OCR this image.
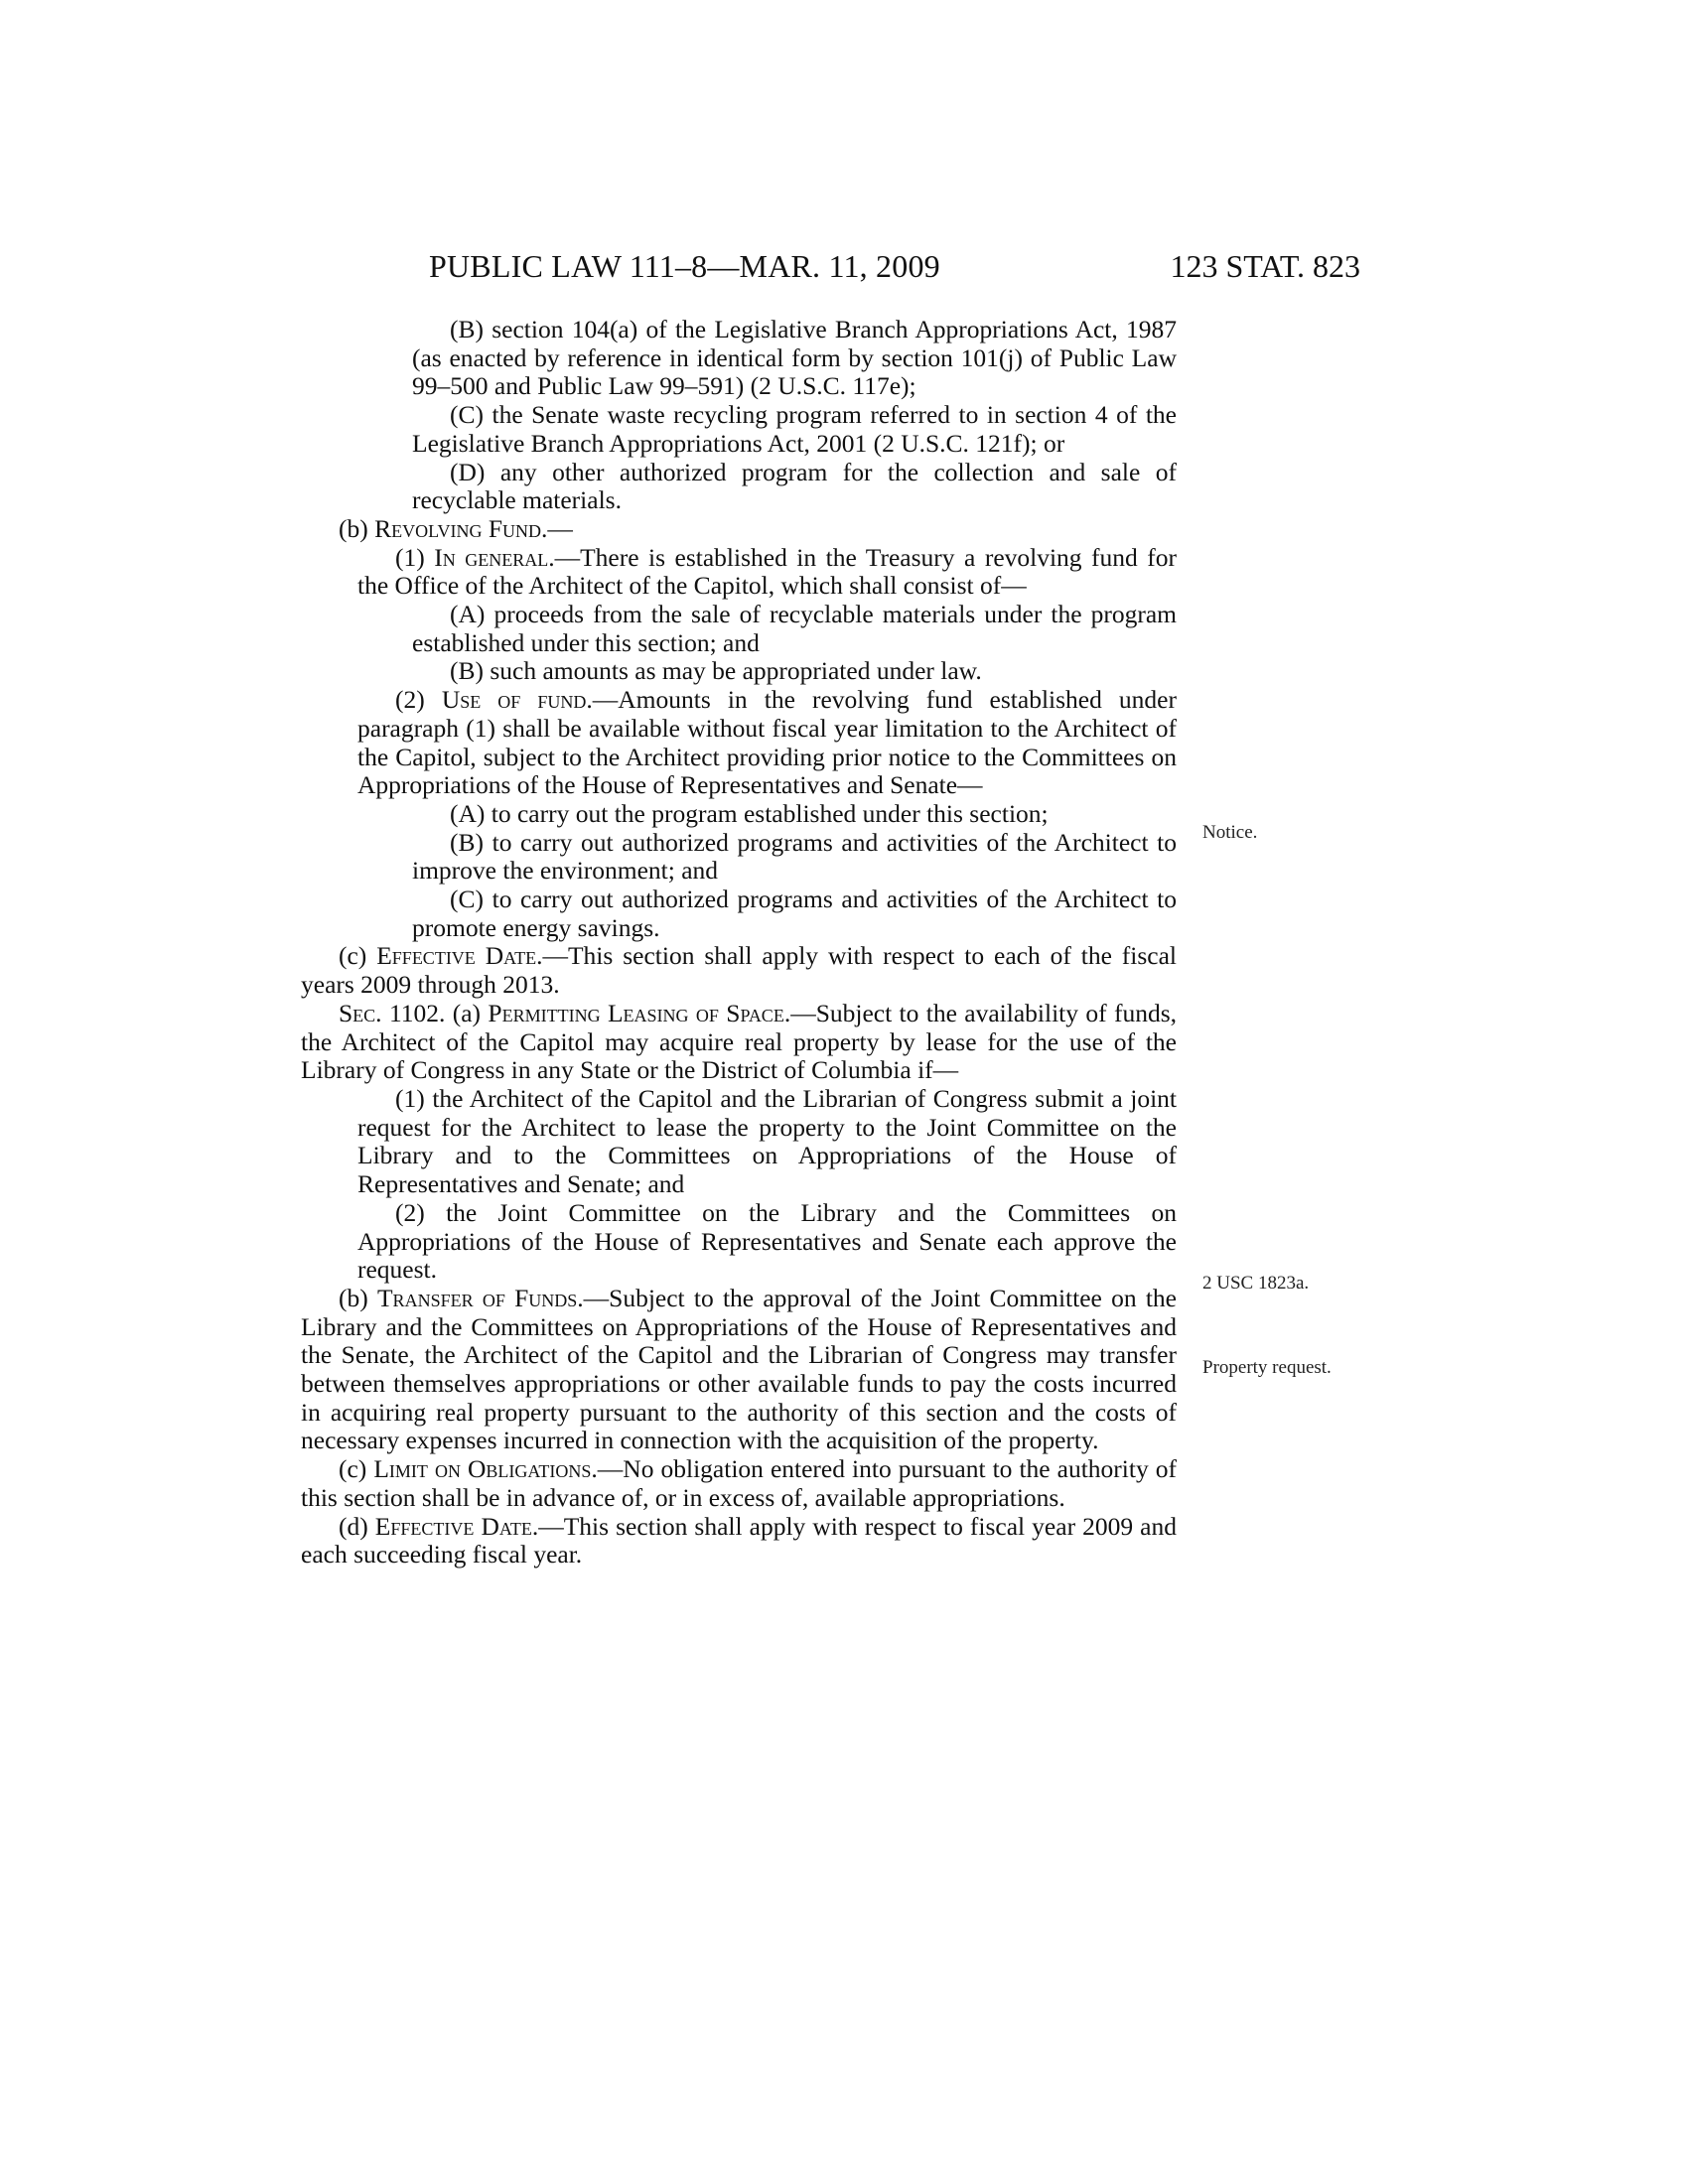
PUBLIC LAW 111–8—MAR. 11, 2009	123 STAT. 823

(B) section 104(a) of the Legislative Branch Appropriations Act, 1987 (as enacted by reference in identical form by section 101(j) of Public Law 99–500 and Public Law 99–591) (2 U.S.C. 117e);

(C) the Senate waste recycling program referred to in section 4 of the Legislative Branch Appropriations Act, 2001 (2 U.S.C. 121f); or

(D) any other authorized program for the collection and sale of recyclable materials.

(b) Revolving Fund.—

(1) In general.—There is established in the Treasury a revolving fund for the Office of the Architect of the Capitol, which shall consist of—

(A) proceeds from the sale of recyclable materials under the program established under this section; and

(B) such amounts as may be appropriated under law.

(2) Use of fund.—Amounts in the revolving fund established under paragraph (1) shall be available without fiscal year limitation to the Architect of the Capitol, subject to the Architect providing prior notice to the Committees on Appropriations of the House of Representatives and Senate—

(A) to carry out the program established under this section;

(B) to carry out authorized programs and activities of the Architect to improve the environment; and

(C) to carry out authorized programs and activities of the Architect to promote energy savings.

(c) Effective Date.—This section shall apply with respect to each of the fiscal years 2009 through 2013.

Sec. 1102. (a) Permitting Leasing of Space.—Subject to the availability of funds, the Architect of the Capitol may acquire real property by lease for the use of the Library of Congress in any State or the District of Columbia if—

(1) the Architect of the Capitol and the Librarian of Congress submit a joint request for the Architect to lease the property to the Joint Committee on the Library and to the Committees on Appropriations of the House of Representatives and Senate; and

(2) the Joint Committee on the Library and the Committees on Appropriations of the House of Representatives and Senate each approve the request.

(b) Transfer of Funds.—Subject to the approval of the Joint Committee on the Library and the Committees on Appropriations of the House of Representatives and the Senate, the Architect of the Capitol and the Librarian of Congress may transfer between themselves appropriations or other available funds to pay the costs incurred in acquiring real property pursuant to the authority of this section and the costs of necessary expenses incurred in connection with the acquisition of the property.

(c) Limit on Obligations.—No obligation entered into pursuant to the authority of this section shall be in advance of, or in excess of, available appropriations.

(d) Effective Date.—This section shall apply with respect to fiscal year 2009 and each succeeding fiscal year.

Notice.
2 USC 1823a.
Property request.
